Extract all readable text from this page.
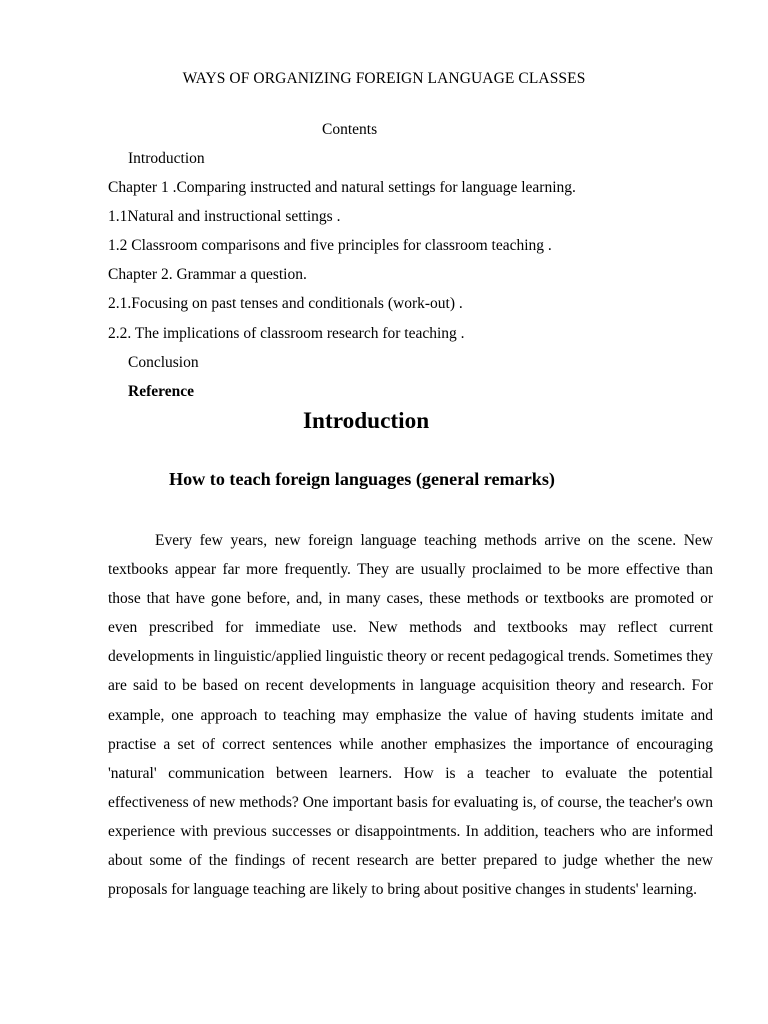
WAYS OF ORGANIZING FOREIGN LANGUAGE CLASSES
Contents
Introduction
Chapter 1 .Comparing instructed and natural settings for language learning.
1.1Natural and instructional settings .
1.2 Classroom comparisons and five principles for classroom teaching .
Chapter 2. Grammar a question.
2.1.Focusing on past tenses and conditionals (work-out) .
2.2. The implications of classroom research for teaching .
Conclusion
Reference
Introduction
How to teach foreign languages (general remarks)

Every few years, new foreign language teaching methods arrive on the scene. New textbooks appear far more frequently. They are usually proclaimed to be more effective than those that have gone before, and, in many cases, these methods or textbooks are promoted or even prescribed for immediate use. New methods and textbooks may reflect current developments in linguistic/applied linguistic theory or recent pedagogical trends. Sometimes they are said to be based on recent developments in language acquisition theory and research. For example, one approach to teaching may emphasize the value of having students imitate and practise a set of correct sentences while another emphasizes the importance of encouraging 'natural' communication between learners. How is a teacher to evaluate the potential effectiveness of new methods? One important basis for evaluating is, of course, the teacher's own experience with previous successes or disappointments. In addition, teachers who are informed about some of the findings of recent research are better prepared to judge whether the new proposals for language teaching are likely to bring about positive changes in students' learning.
